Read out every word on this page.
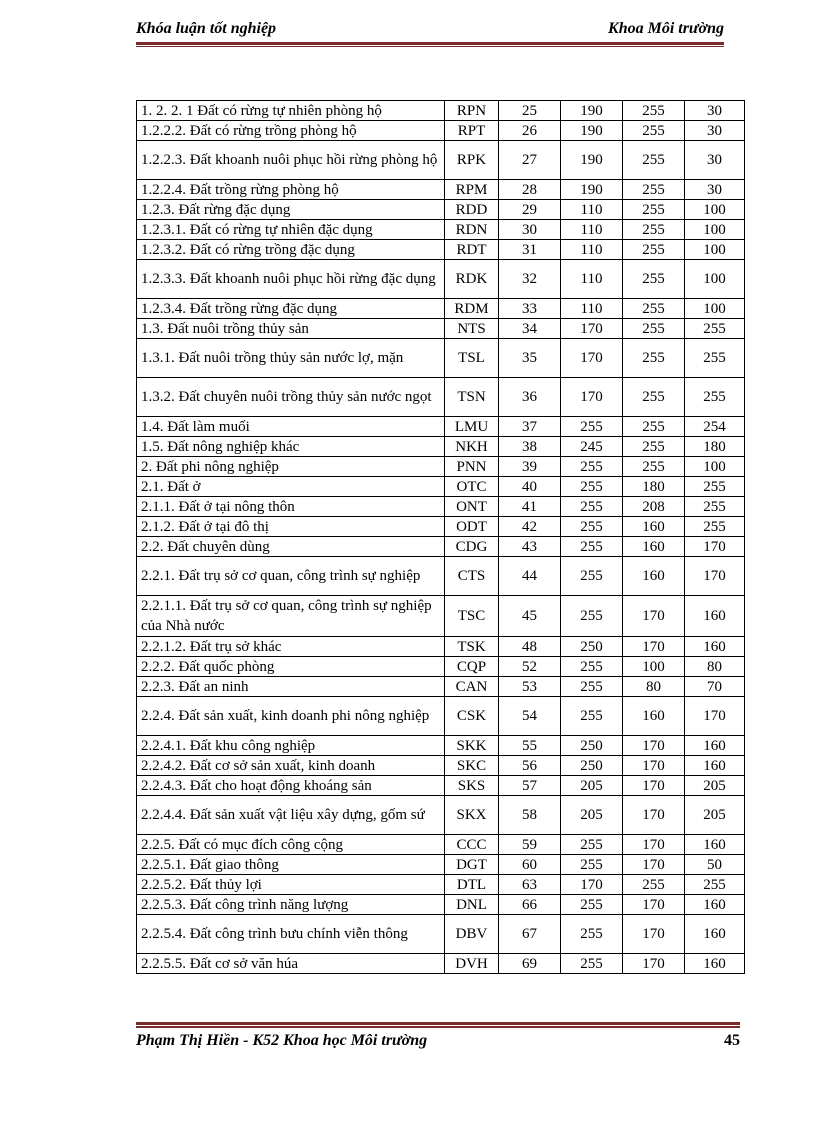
Khóa luận tốt nghiệp	Khoa Môi trường
1. 2. 2. 1 Đất có rừng tự nhiên phòng hộ	RPN	25	190	255	30
1.2.2.2. Đất có rừng trồng phòng hộ	RPT	26	190	255	30
1.2.2.3. Đất khoanh nuôi phục hồi rừng phòng hộ	RPK	27	190	255	30
1.2.2.4. Đất trồng rừng phòng hộ	RPM	28	190	255	30
1.2.3. Đất rừng đặc dụng	RDD	29	110	255	100
1.2.3.1. Đất có rừng tự nhiên đặc dụng	RDN	30	110	255	100
1.2.3.2. Đất có rừng trồng đặc dụng	RDT	31	110	255	100
1.2.3.3. Đất khoanh nuôi phục hồi rừng đặc dụng	RDK	32	110	255	100
1.2.3.4. Đất trồng rừng đặc dụng	RDM	33	110	255	100
1.3. Đất nuôi trồng thủy sản	NTS	34	170	255	255
1.3.1. Đất nuôi trồng thủy sản nước lợ, mặn	TSL	35	170	255	255
1.3.2. Đất chuyên nuôi trồng thủy sản nước ngọt	TSN	36	170	255	255
1.4. Đất làm muối	LMU	37	255	255	254
1.5. Đất nông nghiệp khác	NKH	38	245	255	180
2. Đất phi nông nghiệp	PNN	39	255	255	100
2.1. Đất ở	OTC	40	255	180	255
2.1.1. Đất ở tại nông thôn	ONT	41	255	208	255
2.1.2. Đất ở tại đô thị	ODT	42	255	160	255
2.2. Đất chuyên dùng	CDG	43	255	160	170
2.2.1. Đất trụ sở cơ quan, công trình sự nghiệp	CTS	44	255	160	170
2.2.1.1. Đất trụ sở cơ quan, công trình sự nghiệp của Nhà nước	TSC	45	255	170	160
2.2.1.2. Đất trụ sở khác	TSK	48	250	170	160
2.2.2. Đất quốc phòng	CQP	52	255	100	80
2.2.3. Đất an ninh	CAN	53	255	80	70
2.2.4. Đất sản xuất, kinh doanh phi nông nghiệp	CSK	54	255	160	170
2.2.4.1. Đất khu công nghiệp	SKK	55	250	170	160
2.2.4.2. Đất cơ sở sản xuất, kinh doanh	SKC	56	250	170	160
2.2.4.3. Đất cho hoạt động khoáng sản	SKS	57	205	170	205
2.2.4.4. Đất sản xuất vật liệu xây dựng, gốm sứ	SKX	58	205	170	205
2.2.5. Đất có mục đích công cộng	CCC	59	255	170	160
2.2.5.1. Đất giao thông	DGT	60	255	170	50
2.2.5.2. Đất thủy lợi	DTL	63	170	255	255
2.2.5.3. Đất công trình năng lượng	DNL	66	255	170	160
2.2.5.4. Đất công trình bưu chính viễn thông	DBV	67	255	170	160
2.2.5.5. Đất cơ sở văn húa	DVH	69	255	170	160
Phạm Thị Hiền - K52 Khoa học Môi trường	45
